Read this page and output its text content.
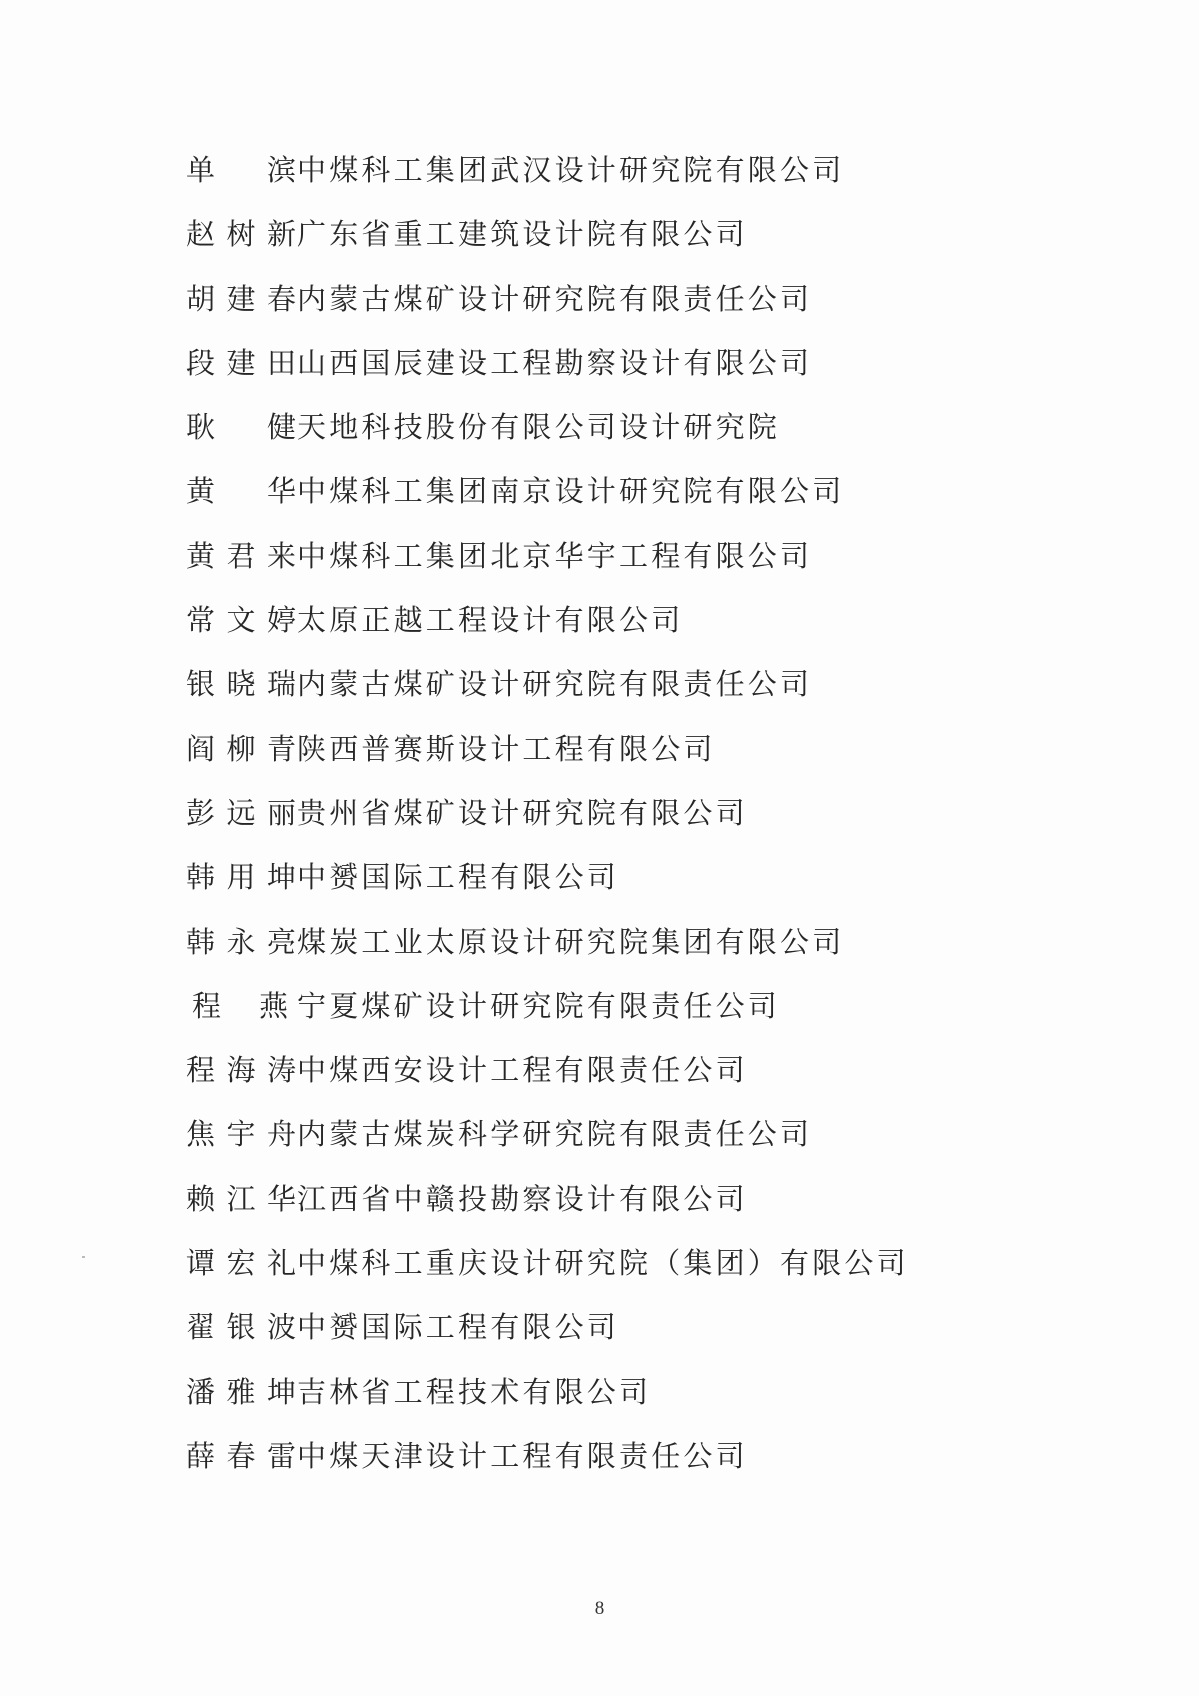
单 滨 中煤科工集团武汉设计研究院有限公司
赵 树 新 广东省重工建筑设计院有限公司
胡 建 春 内蒙古煤矿设计研究院有限责任公司
段 建 田 山西国辰建设工程勘察设计有限公司
耿 健 天地科技股份有限公司设计研究院
黄 华 中煤科工集团南京设计研究院有限公司
黄 君 来 中煤科工集团北京华宇工程有限公司
常 文 婷 太原正越工程设计有限公司
银 晓 瑞 内蒙古煤矿设计研究院有限责任公司
阎 柳 青 陕西普赛斯设计工程有限公司
彭 远 丽 贵州省煤矿设计研究院有限公司
韩 用 坤 中赟国际工程有限公司
韩 永 亮 煤炭工业太原设计研究院集团有限公司
程 燕 宁夏煤矿设计研究院有限责任公司
程 海 涛 中煤西安设计工程有限责任公司
焦 宇 舟 内蒙古煤炭科学研究院有限责任公司
赖 江 华 江西省中赣投勘察设计有限公司
谭 宏 礼 中煤科工重庆设计研究院（集团）有限公司
翟 银 波 中赟国际工程有限公司
潘 雅 坤 吉林省工程技术有限公司
薛 春 雷 中煤天津设计工程有限责任公司
8
